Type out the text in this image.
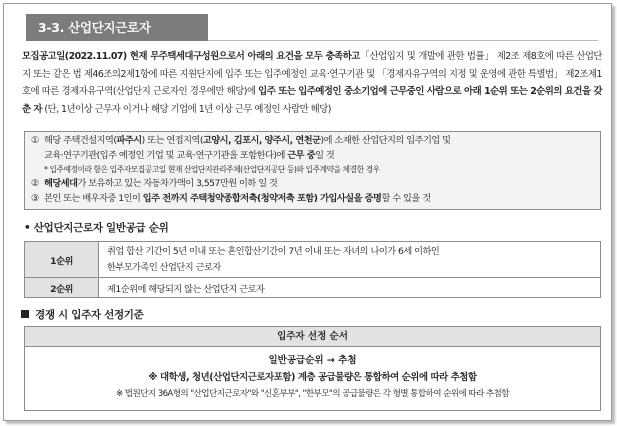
3-3. 산업단지근로자
모집공고일(2022.11.07) 현재 무주택세대구성원으로서 아래의 요건을 모두 충족하고「산업입지 및 개발에 관한 법률」 제2조 제8호에 따른 산업단지 또는 같은 법 제46조의2제1항에 따른 지원단지에 입주 또는 입주예정인 교육·연구기관 및 「경제자유구역의 지정 및 운영에 관한 특별법」 제2조제1호에 따른 경제자유구역(산업단지 근로자인 경우에만 해당)에 입주 또는 입주예정인 중소기업에 근무중인 사람으로 아래 1순위 또는 2순위의 요건을 갖춘 자 (단, 1년이상 근무자 이거나 해당 기업에 1년 이상 근무 예정인 사람만 해당)
① 해당 주택건설지역(파주시) 또는 연접지역(고양시, 김포시, 양주시, 연천군)에 소재한 산업단지의 입주기업 및
교육·연구기관(입주 예정인 기업 및 교육·연구기관을 포함한다)에 근무 중일 것
* 입주예정이라 함은 입주자모집공고일 현재 산업단지관리주체(산업단지공단 등)와 입주계약을 체결한 경우
② 해당세대가 보유하고 있는 자동차가액이 3,557만원 이하 일 것
③ 본인 또는 배우자중 1인이 입주 전까지 주택청약종합저축(청약저축 포함) 가입사실을 증명할 수 있을 것
• 산업단지근로자 일반공급 순위
1순위	취업 합산 기간이 5년 이내 또는 혼인합산기간이 7년 이내 또는 자녀의 나이가 6세 이하인
한부모가족인 산업단지 근로자

2순위	제1순위에 해당되지 않는 산업단지 근로자
경쟁 시 입주자 선정기준
입주자 선정 순서
일반공급순위 → 추첨
※ 대학생, 청년(산업단지근로자포함) 계층 공급물량은 통합하여 순위에 따라 추첨함
※ 법원단지 36A형의 "산업단지근로자"와 "신혼부부", "한부모"의 공급물량은 각 형별 통합하여 순위에 따라 추첨함
